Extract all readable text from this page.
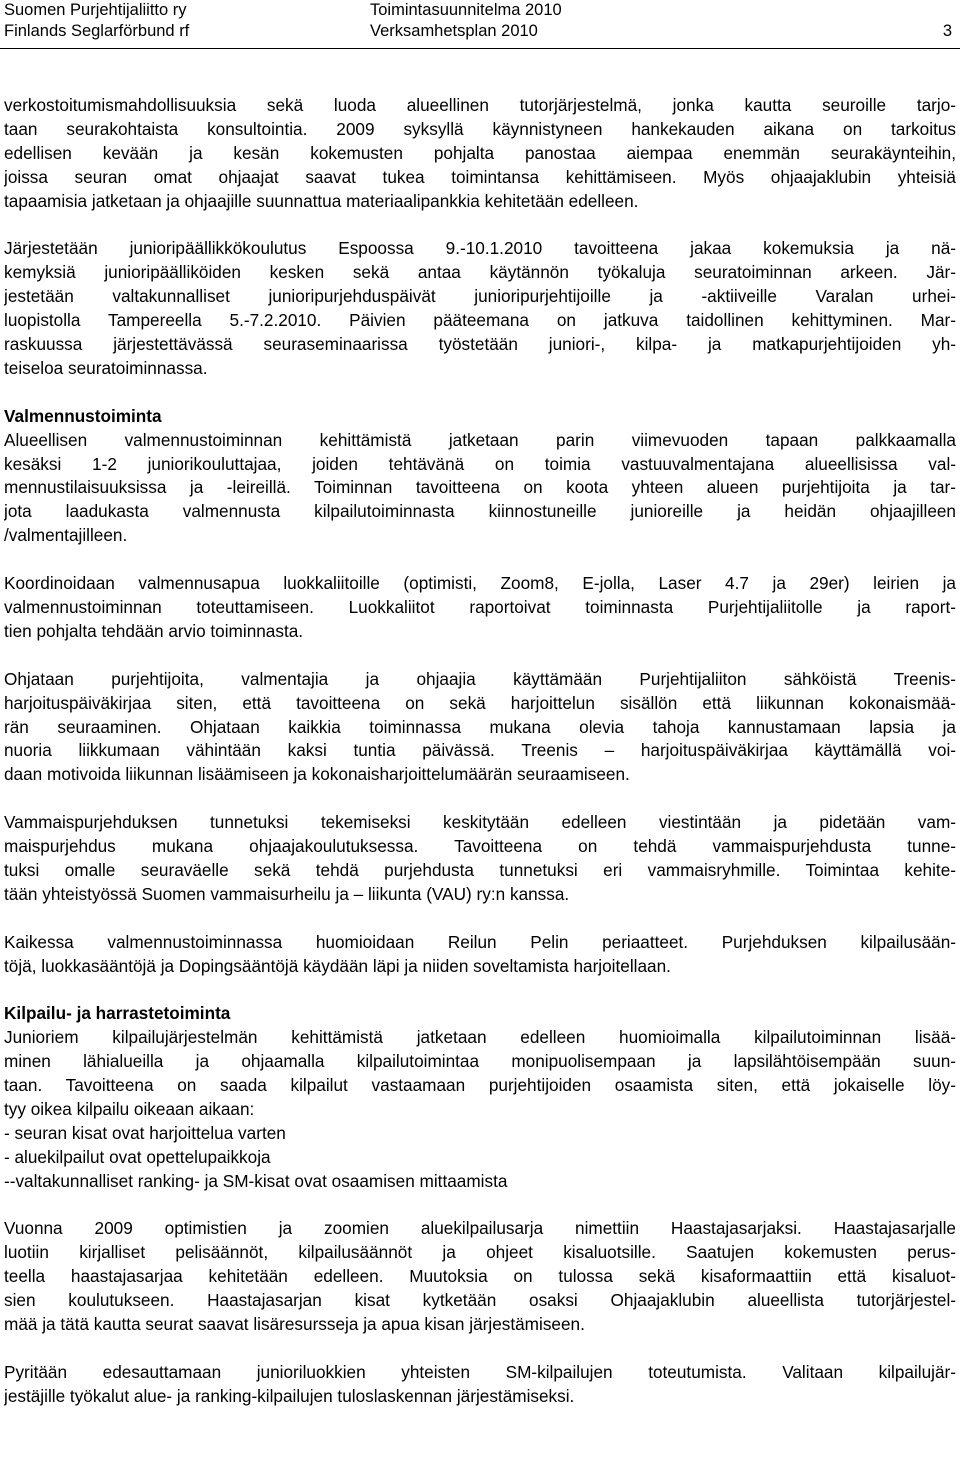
Suomen Purjehtijaliitto ry
Finlands Seglarförbund rf
Toimintasuunnitelma 2010
Verksamhetsplan 2010	3
verkostoitumismahdollisuuksia sekä luoda alueellinen tutorjärjestelmä, jonka kautta seuroille tarjo-
taan seurakohtaista konsultointia. 2009 syksyllä käynnistyneen hankekauden aikana on tarkoitus
edellisen kevään ja kesän kokemusten pohjalta panostaa aiempaa enemmän seurakäynteihin,
joissa seuran omat ohjaajat saavat tukea toimintansa kehittämiseen. Myös ohjaajaklubin yhteisiä
tapaamisia jatketaan ja ohjaajille suunnattua materiaalipankkia kehitetään edelleen.
Järjestetään junioripäällikkökoulutus Espoossa 9.-10.1.2010 tavoitteena jakaa kokemuksia ja nä-
kemyksiä junioripäälliköiden kesken sekä antaa käytännön työkaluja seuratoiminnan arkeen. Jär-
jestetään valtakunnalliset junioripurjehduspäivät junioripurjehtijoille ja -aktiiveille Varalan urhei-
luopistolla Tampereella 5.-7.2.2010. Päivien pääteemana on jatkuva taidollinen kehittyminen. Mar-
raskuussa järjestettävässä seuraseminaarissa työstetään juniori-, kilpa- ja matkapurjehtijoiden yh-
teiseloa seuratoiminnassa.
Valmennustoiminta
Alueellisen valmennustoiminnan kehittämistä jatketaan parin viimevuoden tapaan palkkaamalla
kesäksi 1-2 juniorikouluttajaa, joiden tehtävänä on toimia vastuuvalmentajana alueellisissa val-
mennustilaisuuksissa ja -leireillä. Toiminnan tavoitteena on koota yhteen alueen purjehtijoita ja tar-
jota laadukasta valmennusta kilpailutoiminnasta kiinnostuneille junioreille ja heidän ohjaajilleen
/valmentajilleen.
Koordinoidaan valmennusapua luokkaliitoille (optimisti, Zoom8, E-jolla, Laser 4.7 ja 29er) leirien ja
valmennustoiminnan toteuttamiseen. Luokkaliitot raportoivat toiminnasta Purjehtijaliitolle ja raport-
tien pohjalta tehdään arvio toiminnasta.
Ohjataan purjehtijoita, valmentajia ja ohjaajia käyttämään Purjehtijaliiton sähköistä Treenis-
harjoituspäiväkirjaa siten, että tavoitteena on sekä harjoittelun sisällön että liikunnan kokonaismää-
rän seuraaminen. Ohjataan kaikkia toiminnassa mukana olevia tahoja kannustamaan lapsia ja
nuoria liikkumaan vähintään kaksi tuntia päivässä. Treenis – harjoituspäiväkirjaa käyttämällä voi-
daan motivoida liikunnan lisäämiseen ja kokonaisharjoittelumäärän seuraamiseen.
Vammaispurjehduksen tunnetuksi tekemiseksi keskitytään edelleen viestintään ja pidetään vam-
maispurjehdus mukana ohjaajakoulutuksessa. Tavoitteena on tehdä vammaispurjehdusta tunne-
tuksi omalle seuraväelle sekä tehdä purjehdusta tunnetuksi eri vammaisryhmille. Toimintaa kehite-
tään yhteistyössä Suomen vammaisurheilu ja – liikunta (VAU) ry:n kanssa.
Kaikessa valmennustoiminnassa huomioidaan Reilun Pelin periaatteet. Purjehduksen kilpailusään-
töjä, luokkasääntöjä ja Dopingsääntöjä käydään läpi ja niiden soveltamista harjoitellaan.
Kilpailu- ja harrastetoiminta
Junioriem kilpailujärjestelmän kehittämistä jatketaan edelleen huomioimalla kilpailutoiminnan lisää-
minen lähialueilla ja ohjaamalla kilpailutoimintaa monipuolisempaan ja lapsilähtöisempään suun-
taan. Tavoitteena on saada kilpailut vastaamaan purjehtijoiden osaamista siten, että jokaiselle löy-
tyy oikea kilpailu oikeaan aikaan:
- seuran kisat ovat harjoittelua varten
- aluekilpailut ovat opettelupaikkoja
--valtakunnalliset ranking- ja SM-kisat ovat osaamisen mittaamista
Vuonna 2009 optimistien ja zoomien aluekilpailusarja nimettiin Haastajasarjaksi. Haastajasarjalle
luotiin kirjalliset pelisäännöt, kilpailusäännöt ja ohjeet kisaluotsille. Saatujen kokemusten perus-
teella haastajasarjaa kehitetään edelleen. Muutoksia on tulossa sekä kisaformaattiin että kisaluot-
sien koulutukseen. Haastajasarjan kisat kytketään osaksi Ohjaajaklubin alueellista tutorjärjestel-
mää ja tätä kautta seurat saavat lisäresurssejа ja apua kisan järjestämiseen.
Pyritään edesauttamaan junioriluokkien yhteisten SM-kilpailujen toteutumista. Valitaan kilpailujär-
jestäjille työkalut alue- ja ranking-kilpailujen tuloslaskennan järjestämiseksi.
